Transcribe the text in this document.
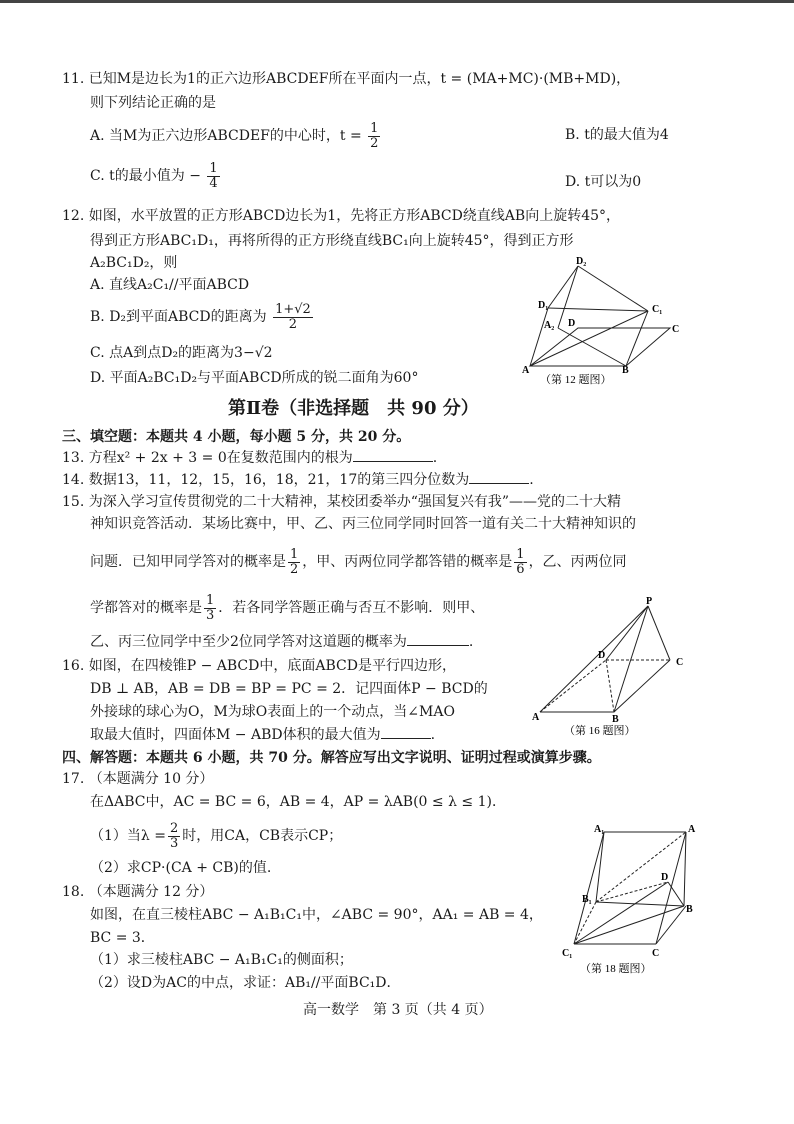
11. 已知M是边长为1的正六边形ABCDEF所在平面内一点，t = (MA+MC)·(MB+MD)，
则下列结论正确的是
A. 当M为正六边形ABCDEF的中心时，$t = \frac{1}{2}$	B. t的最大值为4
C. t的最小值为 − $\frac{1}{4}$	D. t可以为0
12. 如图，水平放置的正方形ABCD边长为1，先将正方形ABCD绕直线AB向上旋转45°，
得到正方形ABC₁D₁，再将所得的正方形绕直线BC₁向上旋转45°，得到正方形
A₂BC₁D₂，则
A. 直线A₂C₁//平面ABCD
B. D₂到平面ABCD的距离为 $\frac{1+√2}{2}$
C. 点A到点D₂的距离为3−√2
D. 平面A₂BC₁D₂与平面ABCD所成的锐二面角为60°
D₂
D₁	C₁
A₂ D
C
A	B
（第 12 题图）
第Ⅱ卷（非选择题　共 90 分）
三、填空题：本题共 4 小题，每小题 5 分，共 20 分。
13. 方程x² + 2x + 3 = 0在复数范围内的根为	.
14. 数据13，11，12，15，16，18，21，17的第三四分位数为	.
15. 为深入学习宣传贯彻党的二十大精神，某校团委举办“强国复兴有我”——党的二十大精
神知识竞答活动．某场比赛中，甲、乙、丙三位同学同时回答一道有关二十大精神知识的
问题．已知甲同学答对的概率是 $\frac{1}{2}$ ，甲、丙两位同学都答错的概率是 $\frac{1}{6}$ ，乙、丙两位同
学都答对的概率是 $\frac{1}{3}$ ．若各同学答题正确与否互不影响．则甲、
乙、丙三位同学中至少2位同学答对这道题的概率为	.
16. 如图，在四棱锥P − ABCD中，底面ABCD是平行四边形，
DB ⊥ AB，AB = DB = BP = PC = 2．记四面体P − BCD的
外接球的球心为O，M为球O表面上的一个动点，当∠MAO
取最大值时，四面体M − ABD体积的最大值为	.
P
D
C
A	B
（第 16 题图）
四、解答题：本题共 6 小题，共 70 分。解答应写出文字说明、证明过程或演算步骤。
17. （本题满分 10 分）
在ΔABC中，AC = BC = 6，AB = 4，AP = λAB(0 ≤ λ ≤ 1)．
（1）当$\lambda = \frac{2}{3}$ 时，用CA，CB表示CP；
（2）求CP·(CA + CB)的值.
18. （本题满分 12 分）
如图，在直三棱柱ABC − A₁B₁C₁中，∠ABC = 90°，AA₁ = AB = 4，
BC = 3．
（1）求三棱柱ABC − A₁B₁C₁的侧面积；
（2）设D为AC的中点，求证：AB₁//平面BC₁D．
A₁	A
D
B₁
B
C₁	C
（第 18 题图）
高一数学　第 3 页（共 4 页）
